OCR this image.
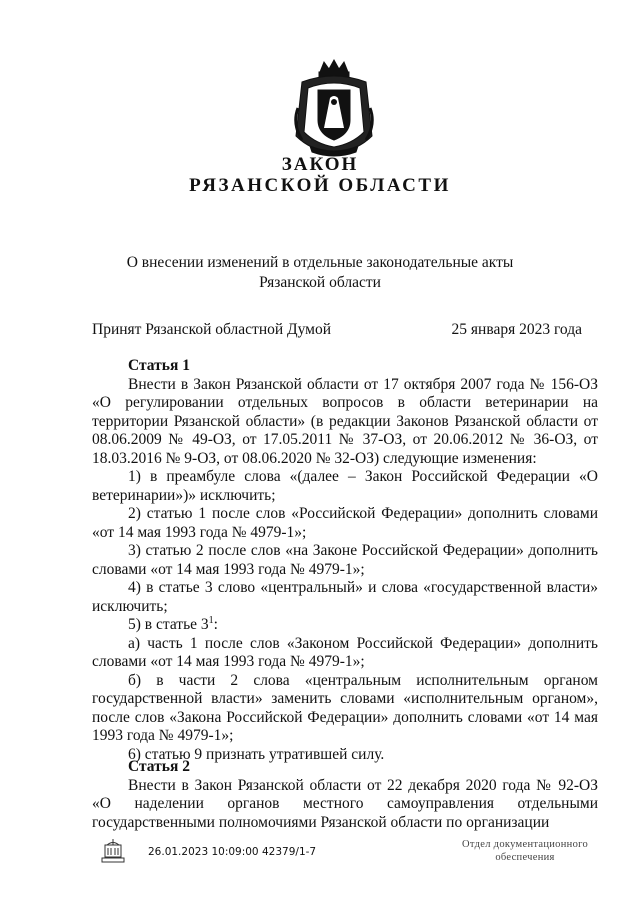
ЗАКОН
РЯЗАНСКОЙ ОБЛАСТИ
О внесении изменений в отдельные законодательные акты
Рязанской области
Принят Рязанской областной Думой	25 января 2023 года

Статья 1

Внести в Закон Рязанской области от 17 октября 2007 года № 156-ОЗ «О регулировании отдельных вопросов в области ветеринарии на территории Рязанской области» (в редакции Законов Рязанской области от 08.06.2009 № 49-ОЗ, от 17.05.2011 № 37-ОЗ, от 20.06.2012 № 36-ОЗ, от 18.03.2016 № 9-ОЗ, от 08.06.2020 № 32-ОЗ) следующие изменения:

1) в преамбуле слова «(далее – Закон Российской Федерации «О ветеринарии»)» исключить;

2) статью 1 после слов «Российской Федерации» дополнить словами «от 14 мая 1993 года № 4979-1»;

3) статью 2 после слов «на Законе Российской Федерации» дополнить словами «от 14 мая 1993 года № 4979-1»;

4) в статье 3 слово «центральный» и слова «государственной власти» исключить;

5) в статье $3^1$:

а) часть 1 после слов «Законом Российской Федерации» дополнить словами «от 14 мая 1993 года № 4979-1»;

б) в части 2 слова «центральным исполнительным органом государственной власти» заменить словами «исполнительным органом», после слов «Закона Российской Федерации» дополнить словами «от 14 мая 1993 года № 4979-1»;

6) статью 9 признать утратившей силу.

Статья 2

Внести в Закон Рязанской области от 22 декабря 2020 года № 92-ОЗ «О наделении органов местного самоуправления отдельными государственными полномочиями Рязанской области по организации

26.01.2023 10:09:00 42379/1-7
Отдел документационного
обеспечения
